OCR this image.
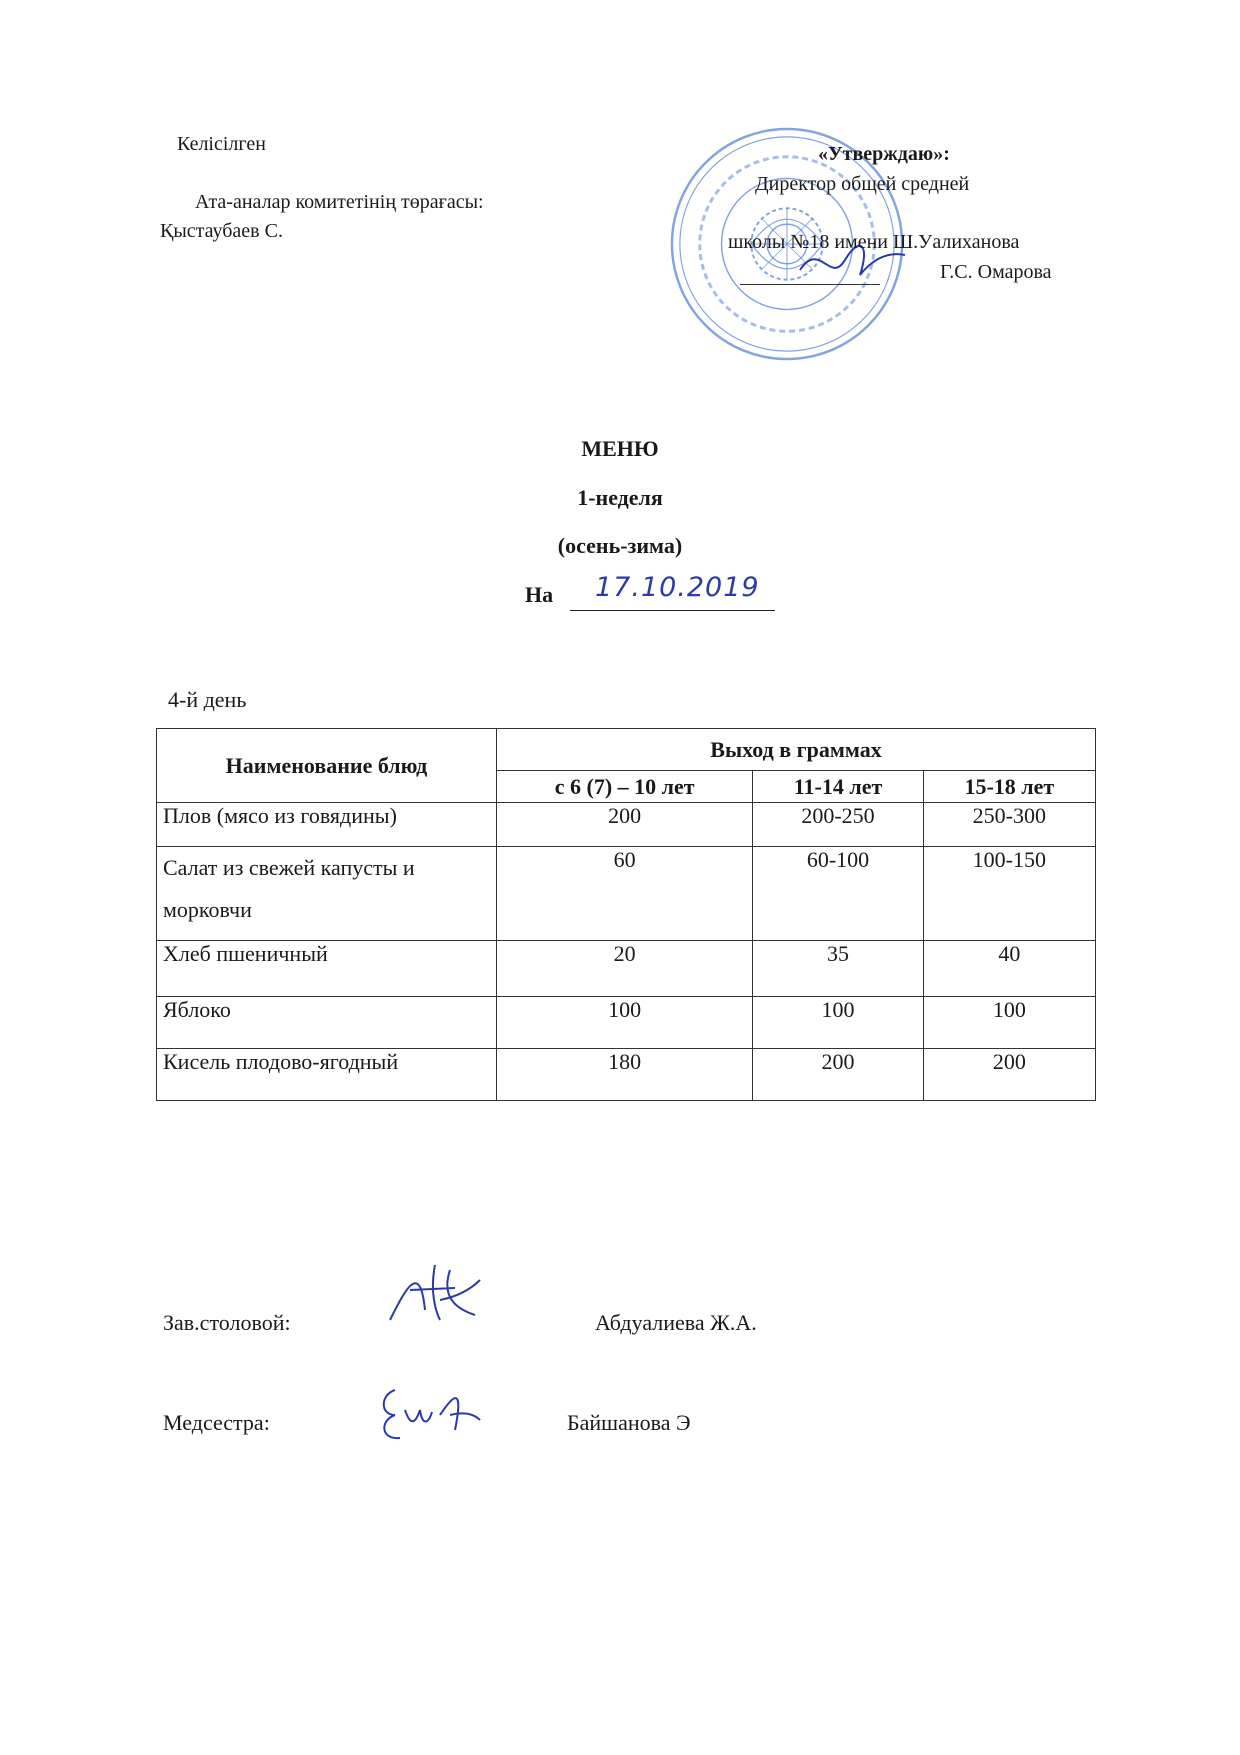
Келісілген
Ата-аналар комитетінің төрағасы:
Қыстаубаев С.
«Утверждаю»:
Директор общей средней
школы №18 имени Ш.Уалиханова
Г.С. Омарова
МЕНЮ
1-неделя
(осень-зима)
На 17.10.2019
4-й день
Наименование блюд	Выход в граммах		
	с 6 (7) – 10 лет	11-14 лет	15-18 лет
Плов (мясо из говядины)	200	200-250	250-300

Салат из свежей капусты и морковчи	60	60-100	100-150
Хлеб пшеничный	20	35	40
Яблоко	100	100	100
Кисель плодово-ягодный	180	200	200
Зав.столовой:	Абдуалиева Ж.А.
Медсестра:	Байшанова Э
